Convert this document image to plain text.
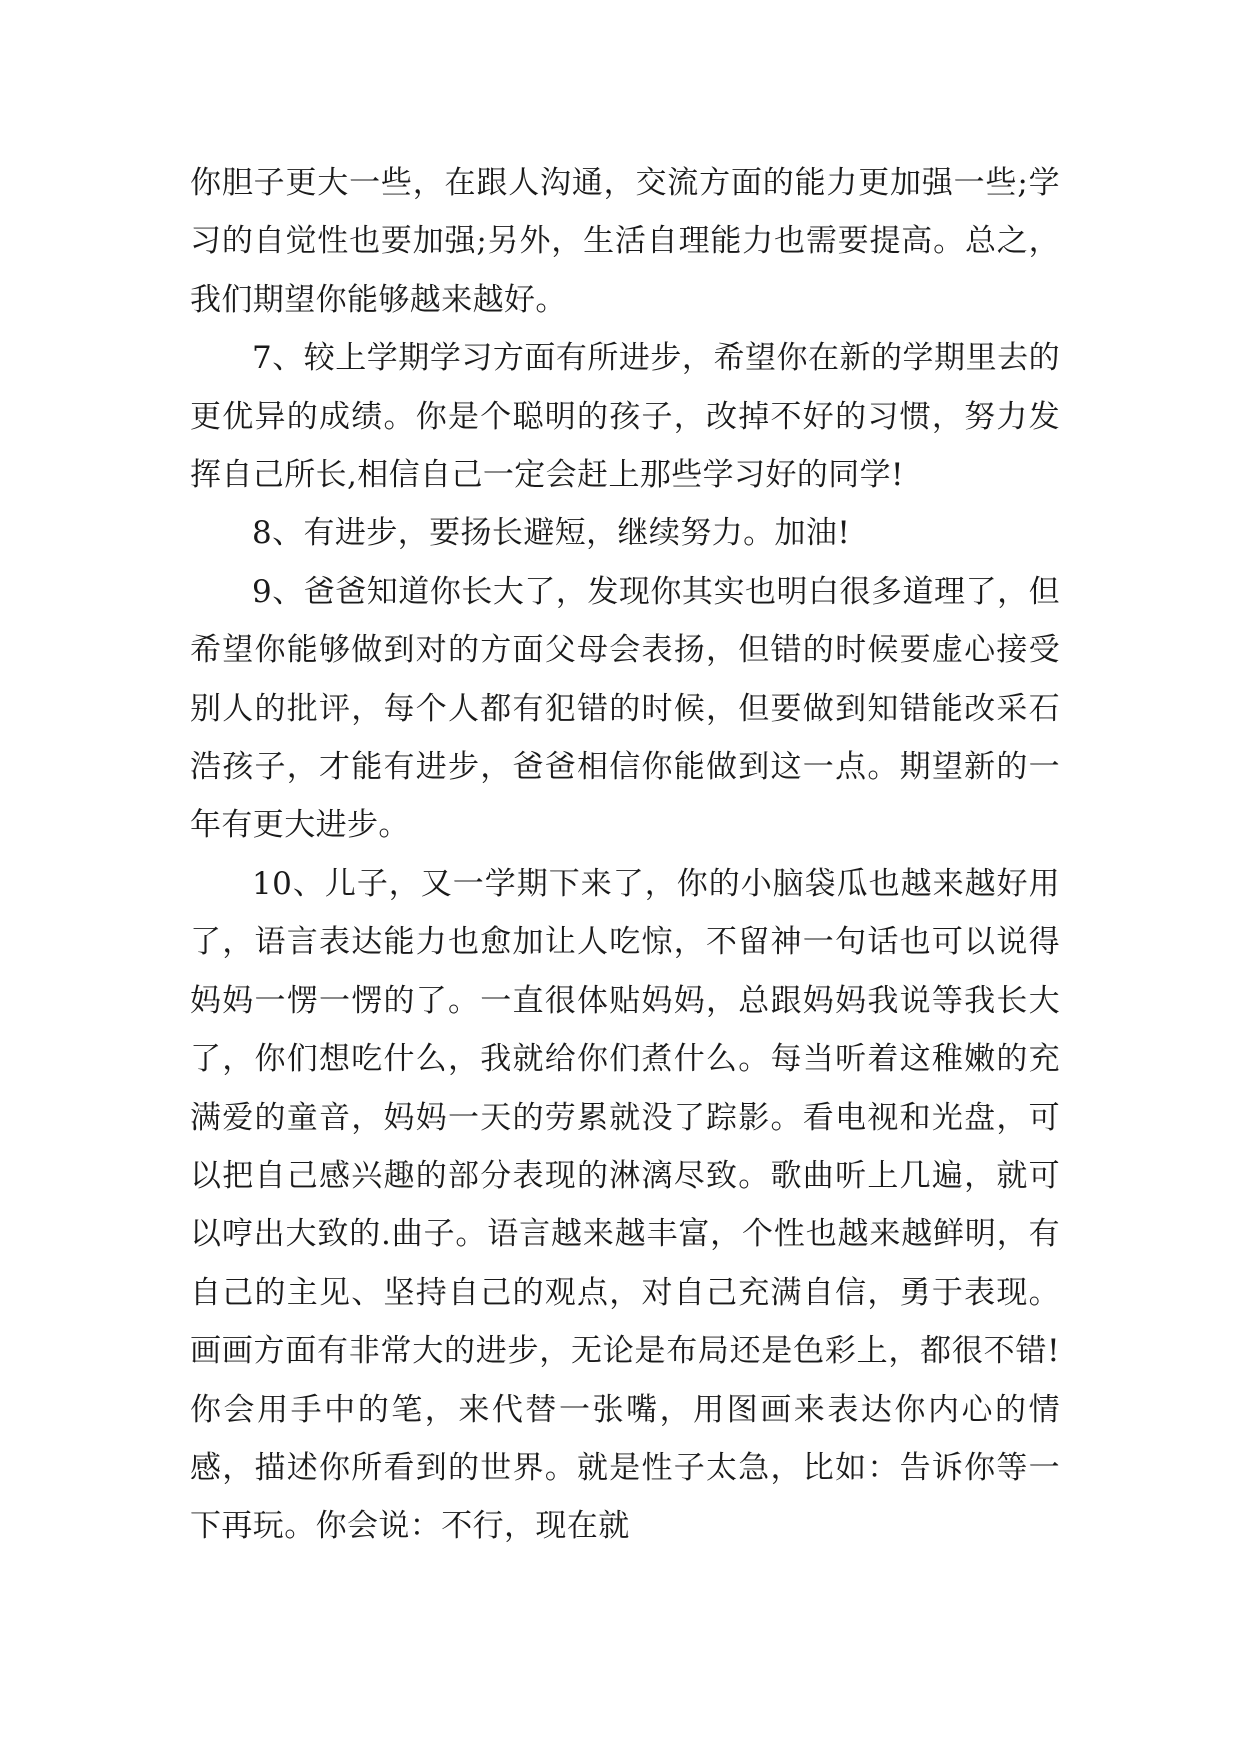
你胆子更大一些，在跟人沟通，交流方面的能力更加强一些;学习的自觉性也要加强;另外，生活自理能力也需要提高。总之，我们期望你能够越来越好。

7、较上学期学习方面有所进步，希望你在新的学期里去的更优异的成绩。你是个聪明的孩子，改掉不好的习惯，努力发挥自己所长,相信自己一定会赶上那些学习好的同学!

8、有进步，要扬长避短，继续努力。加油!

9、爸爸知道你长大了，发现你其实也明白很多道理了，但希望你能够做到对的方面父母会表扬，但错的时候要虚心接受别人的批评，每个人都有犯错的时候，但要做到知错能改采石浩孩子，才能有进步，爸爸相信你能做到这一点。期望新的一年有更大进步。

10、儿子，又一学期下来了，你的小脑袋瓜也越来越好用了，语言表达能力也愈加让人吃惊，不留神一句话也可以说得妈妈一愣一愣的了。一直很体贴妈妈，总跟妈妈我说等我长大了，你们想吃什么，我就给你们煮什么。每当听着这稚嫩的充满爱的童音，妈妈一天的劳累就没了踪影。看电视和光盘，可以把自己感兴趣的部分表现的淋漓尽致。歌曲听上几遍，就可以哼出大致的.曲子。语言越来越丰富，个性也越来越鲜明，有自己的主见、坚持自己的观点，对自己充满自信，勇于表现。画画方面有非常大的进步，无论是布局还是色彩上，都很不错!你会用手中的笔，来代替一张嘴，用图画来表达你内心的情感，描述你所看到的世界。就是性子太急，比如：告诉你等一下再玩。你会说：不行，现在就
